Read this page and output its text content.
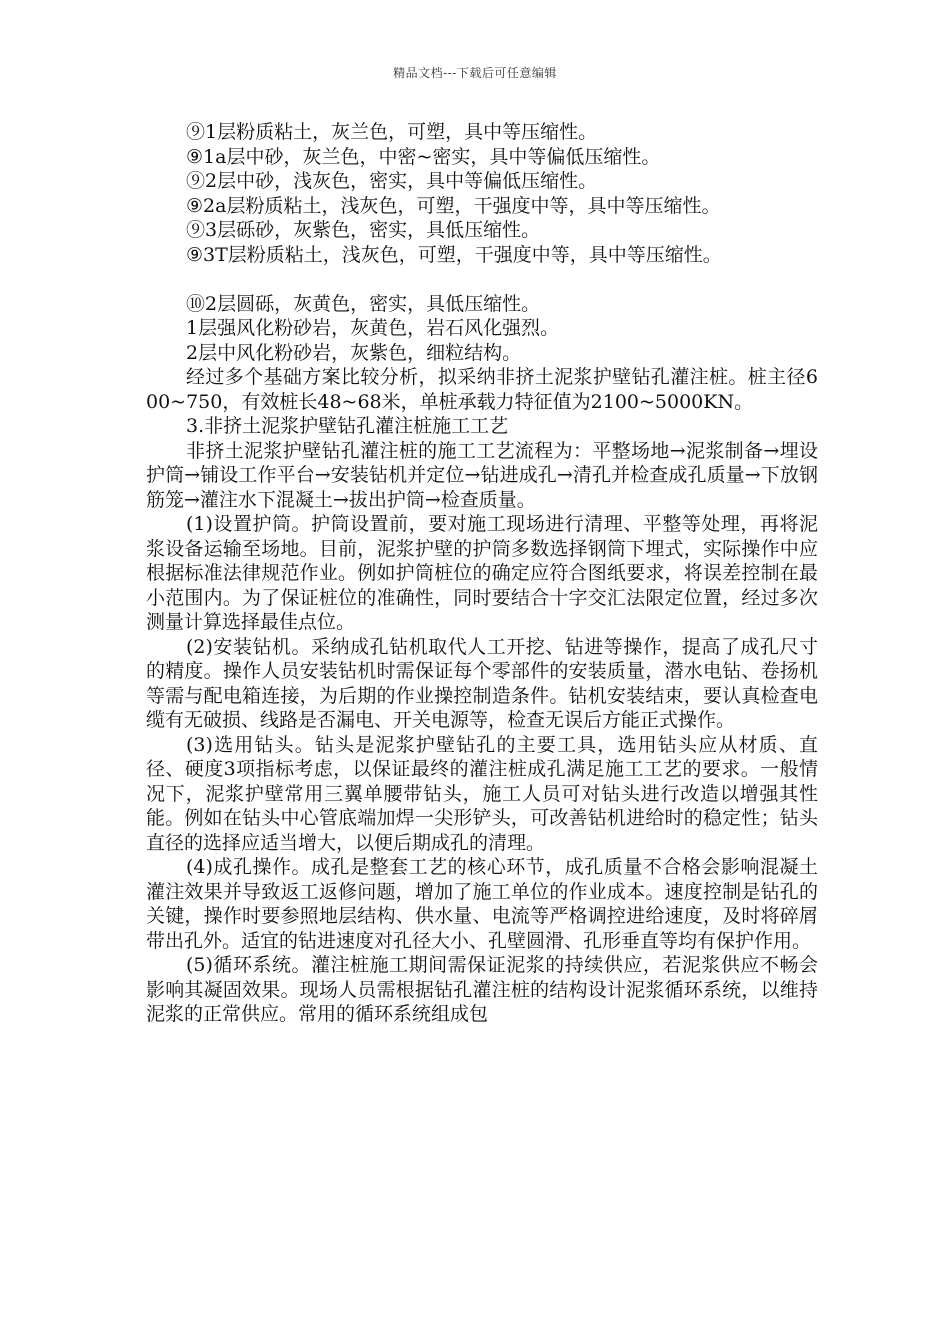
精品文档---下载后可任意编辑

⑨1层粉质粘土，灰兰色，可塑，具中等压缩性。

⑨1a层中砂，灰兰色，中密~密实，具中等偏低压缩性。

⑨2层中砂，浅灰色，密实，具中等偏低压缩性。

⑨2a层粉质粘土，浅灰色，可塑，干强度中等，具中等压缩性。

⑨3层砾砂，灰紫色，密实，具低压缩性。

⑨3T层粉质粘土，浅灰色，可塑，干强度中等，具中等压缩性。

⑩2层圆砾，灰黄色，密实，具低压缩性。

1层强风化粉砂岩，灰黄色，岩石风化强烈。

2层中风化粉砂岩，灰紫色，细粒结构。

经过多个基础方案比较分析，拟采纳非挤土泥浆护壁钻孔灌注桩。桩主径600~750，有效桩长48~68米，单桩承载力特征值为2100~5000KN。

3.非挤土泥浆护壁钻孔灌注桩施工工艺

非挤土泥浆护壁钻孔灌注桩的施工工艺流程为：平整场地→泥浆制备→埋设护筒→铺设工作平台→安装钻机并定位→钻进成孔→清孔并检查成孔质量→下放钢筋笼→灌注水下混凝土→拔出护筒→检查质量。

(1)设置护筒。护筒设置前，要对施工现场进行清理、平整等处理，再将泥浆设备运输至场地。目前，泥浆护壁的护筒多数选择钢筒下埋式，实际操作中应根据标准法律规范作业。例如护筒桩位的确定应符合图纸要求，将误差控制在最小范围内。为了保证桩位的准确性，同时要结合十字交汇法限定位置，经过多次测量计算选择最佳点位。

(2)安装钻机。采纳成孔钻机取代人工开挖、钻进等操作，提高了成孔尺寸的精度。操作人员安装钻机时需保证每个零部件的安装质量，潜水电钻、卷扬机等需与配电箱连接，为后期的作业操控制造条件。钻机安装结束，要认真检查电缆有无破损、线路是否漏电、开关电源等，检查无误后方能正式操作。

(3)选用钻头。钻头是泥浆护壁钻孔的主要工具，选用钻头应从材质、直径、硬度3项指标考虑，以保证最终的灌注桩成孔满足施工工艺的要求。一般情况下，泥浆护壁常用三翼单腰带钻头，施工人员可对钻头进行改造以增强其性能。例如在钻头中心管底端加焊一尖形铲头，可改善钻机进给时的稳定性；钻头直径的选择应适当增大，以便后期成孔的清理。

(4)成孔操作。成孔是整套工艺的核心环节，成孔质量不合格会影响混凝土灌注效果并导致返工返修问题，增加了施工单位的作业成本。速度控制是钻孔的关键，操作时要参照地层结构、供水量、电流等严格调控进给速度，及时将碎屑带出孔外。适宜的钻进速度对孔径大小、孔壁圆滑、孔形垂直等均有保护作用。

(5)循环系统。灌注桩施工期间需保证泥浆的持续供应，若泥浆供应不畅会影响其凝固效果。现场人员需根据钻孔灌注桩的结构设计泥浆循环系统，以维持泥浆的正常供应。常用的循环系统组成包
